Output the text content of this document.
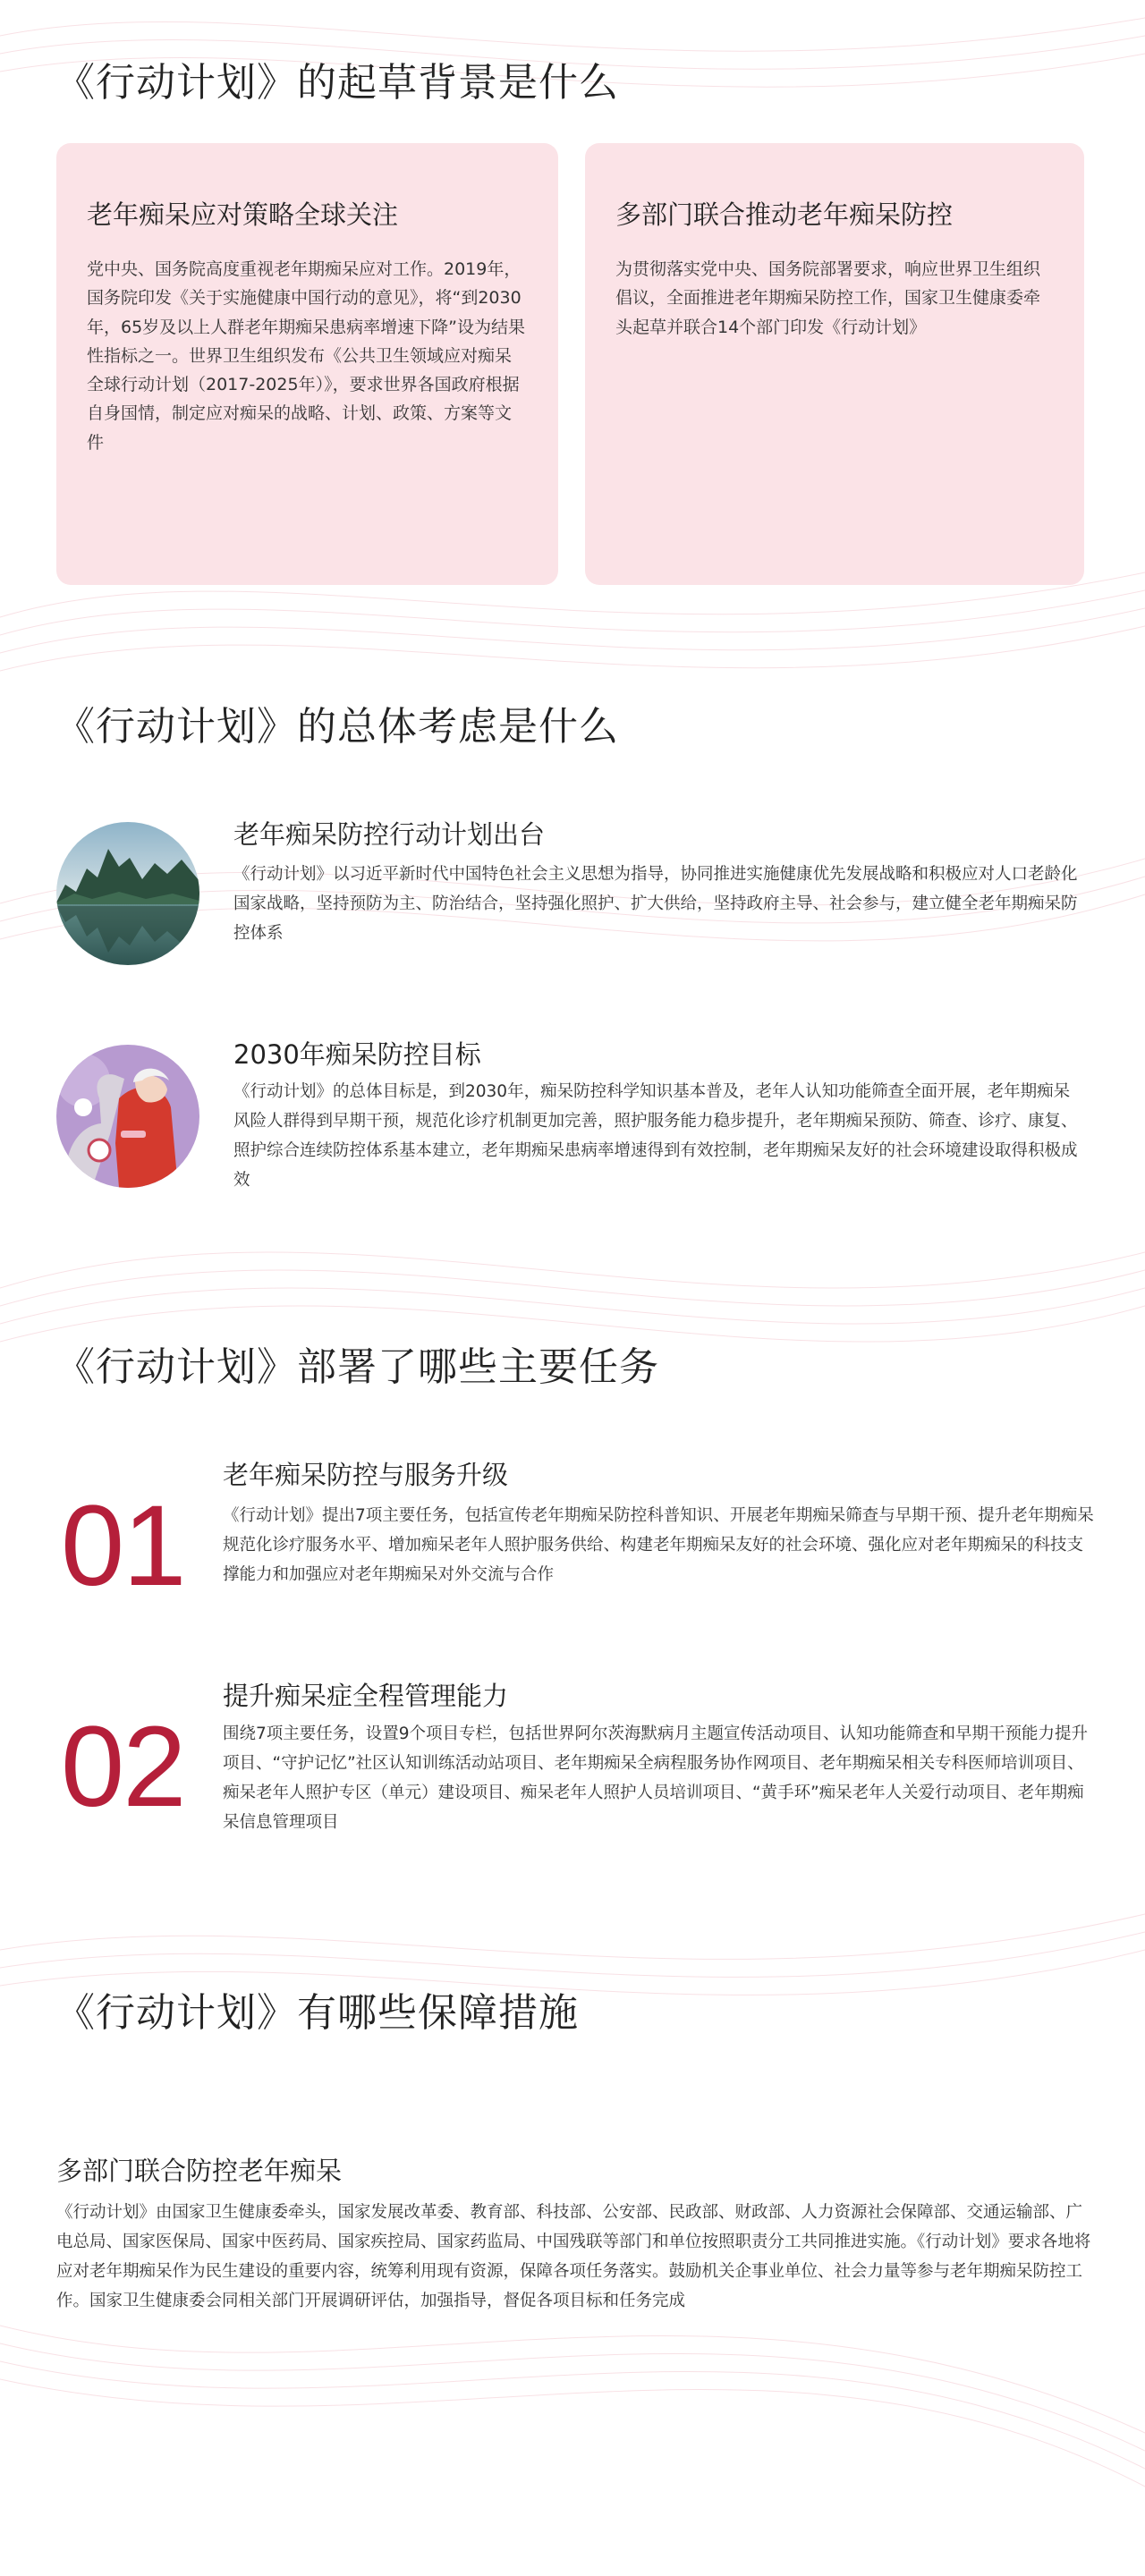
《行动计划》的起草背景是什么
老年痴呆应对策略全球关注

党中央、国务院高度重视老年期痴呆应对工作。2019年，国务院印发《关于实施健康中国行动的意见》，将“到2030年，65岁及以上人群老年期痴呆患病率增速下降”设为结果性指标之一。世界卫生组织发布《公共卫生领域应对痴呆全球行动计划（2017-2025年）》，要求世界各国政府根据自身国情，制定应对痴呆的战略、计划、政策、方案等文件

多部门联合推动老年痴呆防控

为贯彻落实党中央、国务院部署要求，响应世界卫生组织倡议，全面推进老年期痴呆防控工作，国家卫生健康委牵头起草并联合14个部门印发《行动计划》

《行动计划》的总体考虑是什么
老年痴呆防控行动计划出台
《行动计划》以习近平新时代中国特色社会主义思想为指导，协同推进实施健康优先发展战略和积极应对人口老龄化国家战略，坚持预防为主、防治结合，坚持强化照护、扩大供给，坚持政府主导、社会参与，建立健全老年期痴呆防控体系
2030年痴呆防控目标
《行动计划》的总体目标是，到2030年，痴呆防控科学知识基本普及，老年人认知功能筛查全面开展，老年期痴呆风险人群得到早期干预，规范化诊疗机制更加完善，照护服务能力稳步提升，老年期痴呆预防、筛查、诊疗、康复、照护综合连续防控体系基本建立，老年期痴呆患病率增速得到有效控制，老年期痴呆友好的社会环境建设取得积极成效
《行动计划》部署了哪些主要任务
01
老年痴呆防控与服务升级
《行动计划》提出7项主要任务，包括宣传老年期痴呆防控科普知识、开展老年期痴呆筛查与早期干预、提升老年期痴呆规范化诊疗服务水平、增加痴呆老年人照护服务供给、构建老年期痴呆友好的社会环境、强化应对老年期痴呆的科技支撑能力和加强应对老年期痴呆对外交流与合作
02
提升痴呆症全程管理能力
围绕7项主要任务，设置9个项目专栏，包括世界阿尔茨海默病月主题宣传活动项目、认知功能筛查和早期干预能力提升项目、“守护记忆”社区认知训练活动站项目、老年期痴呆全病程服务协作网项目、老年期痴呆相关专科医师培训项目、痴呆老年人照护专区（单元）建设项目、痴呆老年人照护人员培训项目、“黄手环”痴呆老年人关爱行动项目、老年期痴呆信息管理项目
《行动计划》有哪些保障措施
多部门联合防控老年痴呆
《行动计划》由国家卫生健康委牵头，国家发展改革委、教育部、科技部、公安部、民政部、财政部、人力资源社会保障部、交通运输部、广电总局、国家医保局、国家中医药局、国家疾控局、国家药监局、中国残联等部门和单位按照职责分工共同推进实施。《行动计划》要求各地将应对老年期痴呆作为民生建设的重要内容，统筹利用现有资源，保障各项任务落实。鼓励机关企事业单位、社会力量等参与老年期痴呆防控工作。国家卫生健康委会同相关部门开展调研评估，加强指导，督促各项目标和任务完成
